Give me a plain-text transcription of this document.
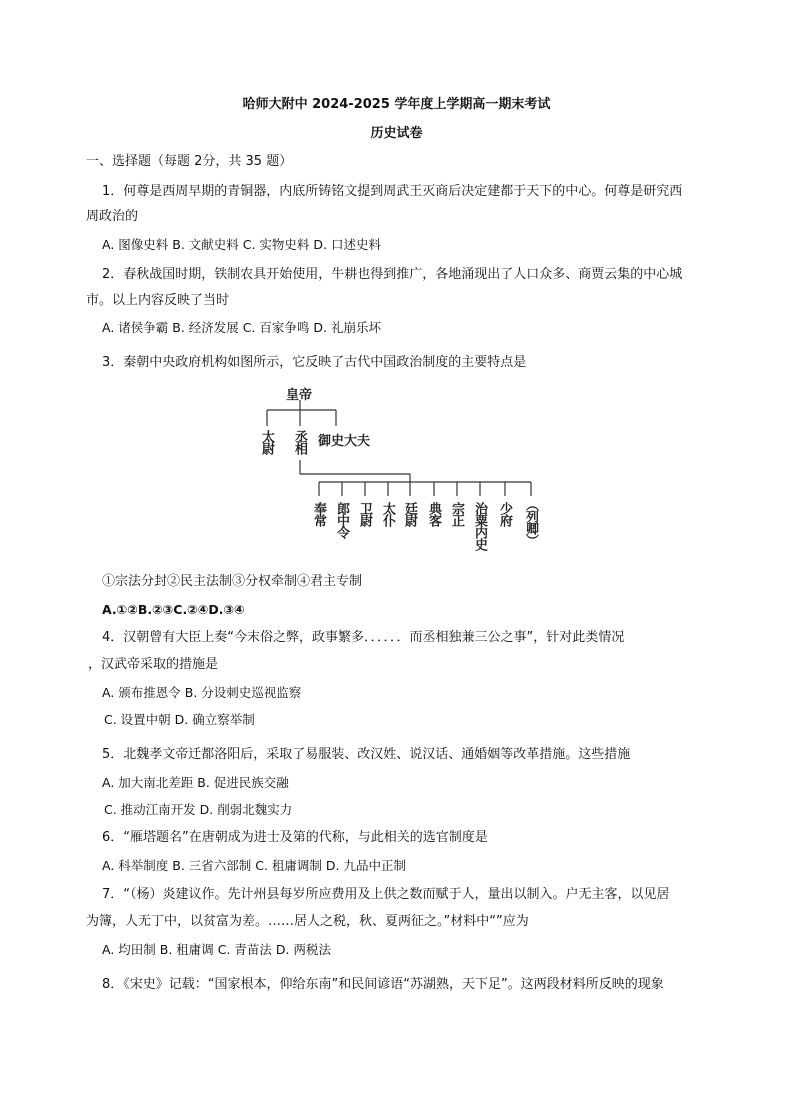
哈师大附中 2024-2025 学年度上学期高一期末考试
历史试卷
一、选择题（每题 2分，共 35 题）
1．何尊是西周早期的青铜器，内底所铸铭文提到周武王灭商后决定建都于天下的中心。何尊是研究西
周政治的
A. 图像史料 B. 文献史料 C. 实物史料 D. 口述史料
2．春秋战国时期，铁制农具开始使用，牛耕也得到推广，各地涌现出了人口众多、商贾云集的中心城
市。以上内容反映了当时
A. 诸侯争霸 B. 经济发展 C. 百家争鸣 D. 礼崩乐坏
3．秦朝中央政府机构如图所示，它反映了古代中国政治制度的主要特点是
皇帝
太尉 丞相 御史大夫
奉常 郎中令 卫尉 太仆 廷尉 典客 宗正 治粟内史 少府 （列卿）
①宗法分封②民主法制③分权牵制④君主专制
A.①②B.②③C.②④D.③④
4．汉朝曾有大臣上奏“今末俗之弊，政事繁多．．．．．．而丞相独兼三公之事”，针对此类情况
，汉武帝采取的措施是
A. 颁布推恩令 B. 分设刺史巡视监察
C. 设置中朝 D. 确立察举制
5．北魏孝文帝迁都洛阳后，采取了易服装、改汉姓、说汉话、通婚姻等改革措施。这些措施
A. 加大南北差距 B. 促进民族交融
C. 推动江南开发 D. 削弱北魏实力
6．“雁塔题名”在唐朝成为进士及第的代称，与此相关的选官制度是
A. 科举制度 B. 三省六部制 C. 租庸调制 D. 九品中正制
7．“（杨）炎建议作。先计州县每岁所应费用及上供之数而赋于人，量出以制入。户无主客，以见居
为簿，人无丁中，以贫富为差。……居人之税，秋、夏两征之。”材料中“”应为
A. 均田制 B. 租庸调 C. 青苗法 D. 两税法
8．《宋史》记载：“国家根本，仰给东南”和民间谚语“苏湖熟，天下足”。这两段材料所反映的现象
